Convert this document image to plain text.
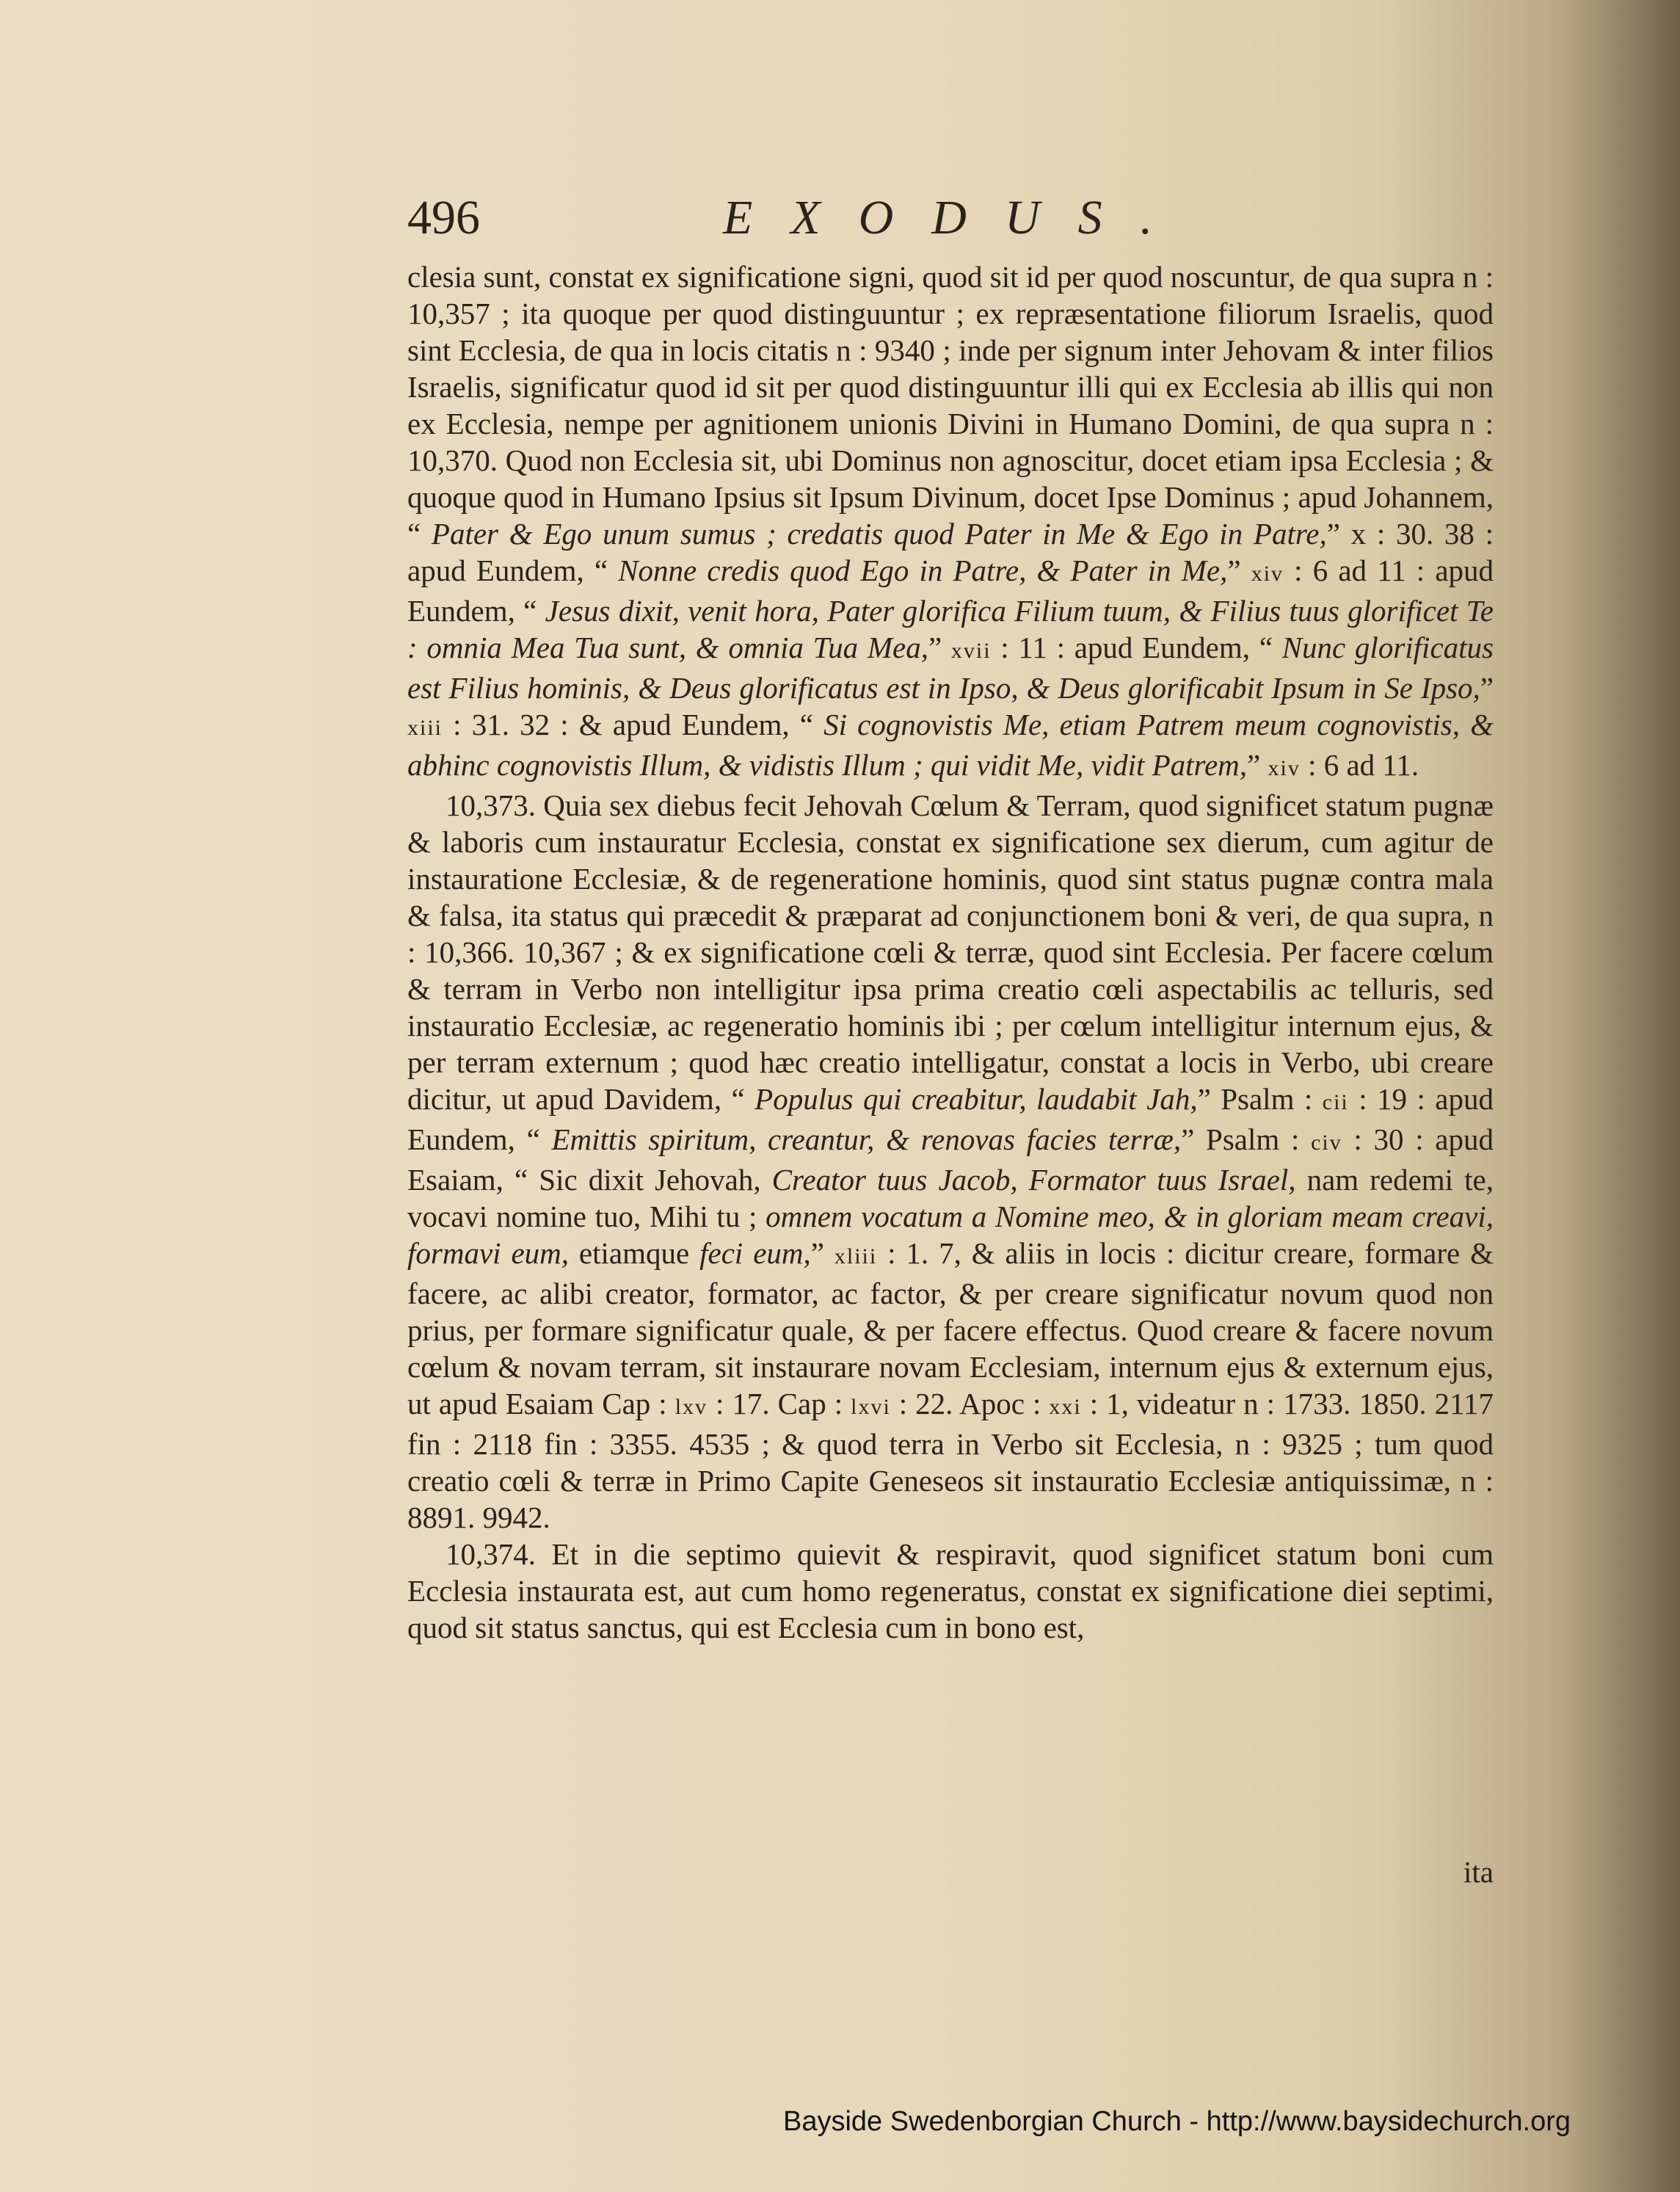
496	EXODUS.

clesia sunt, constat ex significatione signi, quod sit id per quod noscuntur, de qua supra n : 10,357 ; ita quoque per quod distinguuntur ; ex repræsentatione filiorum Israelis, quod sint Ecclesia, de qua in locis citatis n : 9340 ; inde per signum inter Jehovam & inter filios Israelis, significatur quod id sit per quod distinguuntur illi qui ex Ecclesia ab illis qui non ex Ecclesia, nempe per agnitionem unionis Divini in Humano Domini, de qua supra n : 10,370. Quod non Ecclesia sit, ubi Dominus non agnoscitur, docet etiam ipsa Ecclesia ; & quoque quod in Humano Ipsius sit Ipsum Divinum, docet Ipse Dominus ; apud Johannem, “ Pater & Ego unum sumus ; credatis quod Pater in Me & Ego in Patre,” x : 30. 38 : apud Eundem, “ Nonne credis quod Ego in Patre, & Pater in Me,” xiv : 6 ad 11 : apud Eundem, “ Jesus dixit, venit hora, Pater glorifica Filium tuum, & Filius tuus glorificet Te : omnia Mea Tua sunt, & omnia Tua Mea,” xvii : 11 : apud Eundem, “ Nunc glorificatus est Filius hominis, & Deus glorificatus est in Ipso, & Deus glorificabit Ipsum in Se Ipso,” xiii : 31. 32 : & apud Eundem, “ Si cognovistis Me, etiam Patrem meum cognovistis, & abhinc cognovistis Illum, & vidistis Illum ; qui vidit Me, vidit Patrem,” xiv : 6 ad 11.

10,373. Quia sex diebus fecit Jehovah Cœlum & Terram, quod significet statum pugnæ & laboris cum instauratur Ecclesia, constat ex significatione sex dierum, cum agitur de instauratione Ecclesiæ, & de regeneratione hominis, quod sint status pugnæ contra mala & falsa, ita status qui præcedit & præparat ad conjunctionem boni & veri, de qua supra, n : 10,366. 10,367 ; & ex significatione cœli & terræ, quod sint Ecclesia. Per facere cœlum & terram in Verbo non intelligitur ipsa prima creatio cœli aspectabilis ac telluris, sed instauratio Ecclesiæ, ac regeneratio hominis ibi ; per cœlum intelligitur internum ejus, & per terram externum ; quod hæc creatio intelligatur, constat a locis in Verbo, ubi creare dicitur, ut apud Davidem, “ Populus qui creabitur, laudabit Jah,” Psalm : cii : 19 : apud Eundem, “ Emittis spiritum, creantur, & renovas facies terræ,” Psalm : civ : 30 : apud Esaiam, “ Sic dixit Jehovah, Creator tuus Jacob, Formator tuus Israel, nam redemi te, vocavi nomine tuo, Mihi tu ; omnem vocatum a Nomine meo, & in gloriam meam creavi, formavi eum, etiamque feci eum,” xliii : 1. 7, & aliis in locis : dicitur creare, formare & facere, ac alibi creator, formator, ac factor, & per creare significatur novum quod non prius, per formare significatur quale, & per facere effectus. Quod creare & facere novum cœlum & novam terram, sit instaurare novam Ecclesiam, internum ejus & externum ejus, ut apud Esaiam Cap : lxv : 17. Cap : lxvi : 22. Apoc : xxi : 1, videatur n : 1733. 1850. 2117 fin : 2118 fin : 3355. 4535 ; & quod terra in Verbo sit Ecclesia, n : 9325 ; tum quod creatio cœli & terræ in Primo Capite Geneseos sit instauratio Ecclesiæ antiquissimæ, n : 8891. 9942.

10,374. Et in die septimo quievit & respiravit, quod significet statum boni cum Ecclesia instaurata est, aut cum homo regeneratus, constat ex significatione diei septimi, quod sit status sanctus, qui est Ecclesia cum in bono est,

ita
Bayside Swedenborgian Church - http://www.baysidechurch.org
